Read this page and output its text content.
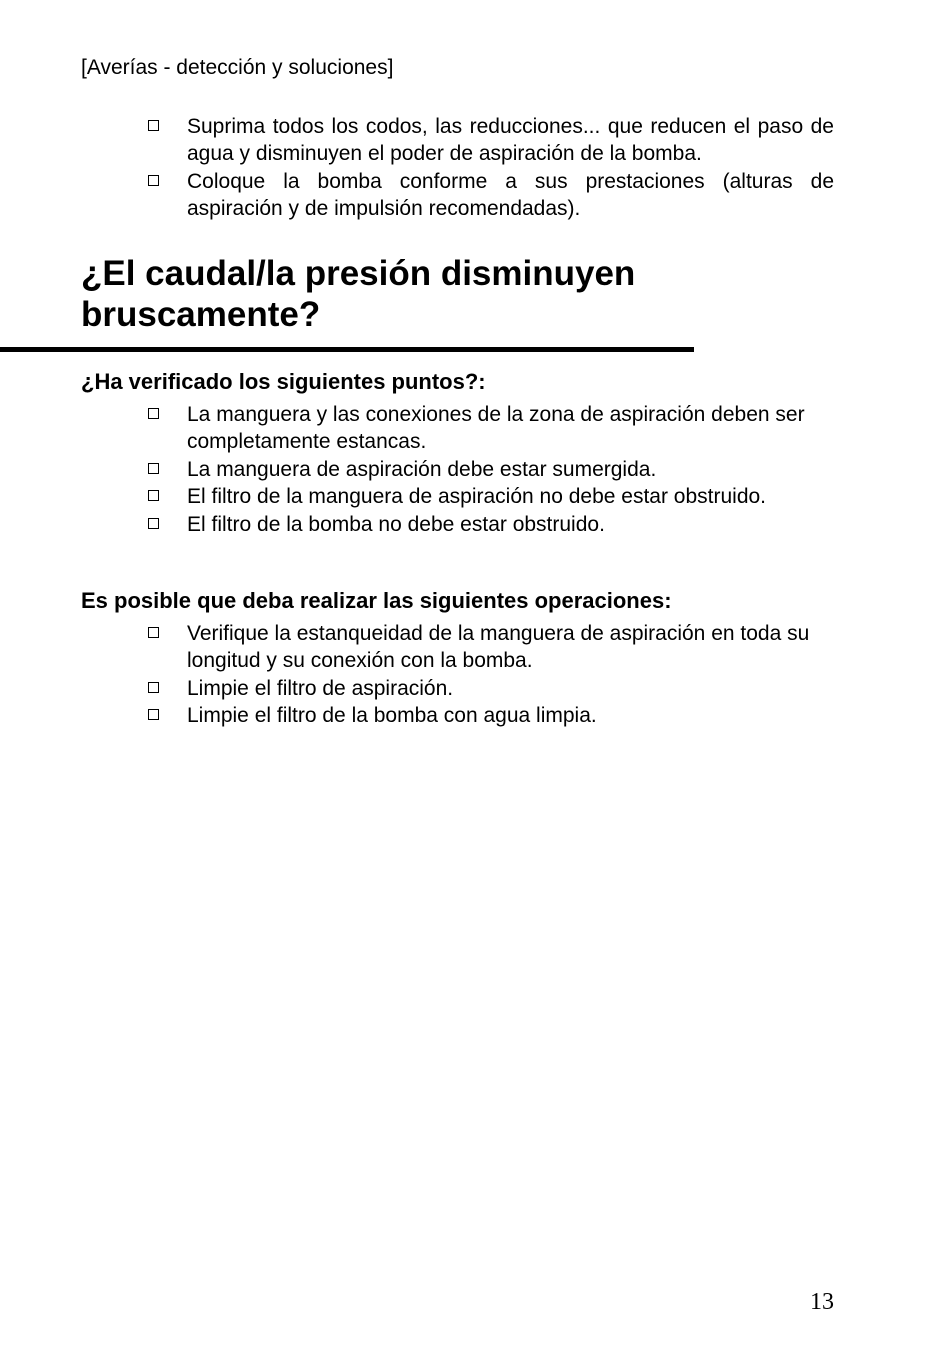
[Averías - detección y soluciones]
Suprima todos los codos, las reducciones... que reducen el paso de agua y disminuyen el poder de aspiración de la bomba.
Coloque la bomba conforme a sus prestaciones (alturas de aspiración y de impulsión recomendadas).
¿El caudal/la presión disminuyen bruscamente?
¿Ha verificado los siguientes puntos?:
La manguera y las conexiones de la zona de aspiración deben ser completamente estancas.
La manguera de aspiración debe estar sumergida.
El filtro de la manguera de aspiración no debe estar obstruido.
El filtro de la bomba no debe estar obstruido.
Es posible que deba realizar las siguientes operaciones:
Verifique la estanqueidad de la manguera de aspiración en toda su longitud y su conexión con la bomba.
Limpie el filtro de aspiración.
Limpie el filtro de la bomba con agua limpia.
13
